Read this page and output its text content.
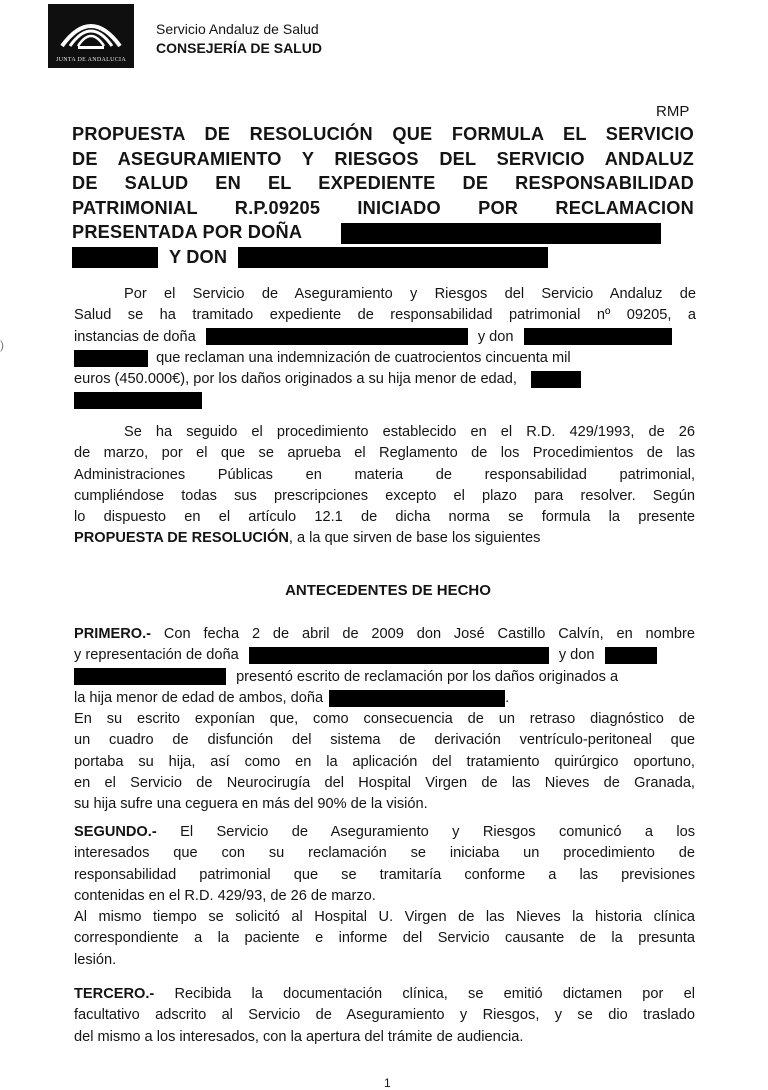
JUNTA DE ANDALUCIA
Servicio Andaluz de Salud
CONSEJERÍA DE SALUD
)
RMP
PROPUESTA DE RESOLUCIÓN QUE FORMULA EL SERVICIO
DE ASEGURAMIENTO Y RIESGOS DEL SERVICIO ANDALUZ
DE SALUD EN EL EXPEDIENTE DE RESPONSABILIDAD
PATRIMONIAL R.P.09205 INICIADO POR RECLAMACION
PRESENTADA POR DOÑA
Y DON
Por el Servicio de Aseguramiento y Riesgos del Servicio Andaluz de
Salud se ha tramitado expediente de responsabilidad patrimonial nº 09205, a
instancias de doña	y don
que reclaman una indemnización de cuatrocientos cincuenta mil
euros (450.000€), por los daños originados a su hija menor de edad,
Se ha seguido el procedimiento establecido en el R.D. 429/1993, de 26
de marzo, por el que se aprueba el Reglamento de los Procedimientos de las
Administraciones Públicas en materia de responsabilidad patrimonial,
cumpliéndose todas sus prescripciones excepto el plazo para resolver. Según
lo dispuesto en el artículo 12.1 de dicha norma se formula la presente
PROPUESTA DE RESOLUCIÓN, a la que sirven de base los siguientes
ANTECEDENTES DE HECHO
PRIMERO.- Con fecha 2 de abril de 2009 don José Castillo Calvín, en nombre
y representación de doña	y don
presentó escrito de reclamación por los daños originados a
la hija menor de edad de ambos, doña	.
En su escrito exponían que, como consecuencia de un retraso diagnóstico de
un cuadro de disfunción del sistema de derivación ventrículo-peritoneal que
portaba su hija, así como en la aplicación del tratamiento quirúrgico oportuno,
en el Servicio de Neurocirugía del Hospital Virgen de las Nieves de Granada,
su hija sufre una ceguera en más del 90% de la visión.
SEGUNDO.- El Servicio de Aseguramiento y Riesgos comunicó a los
interesados que con su reclamación se iniciaba un procedimiento de
responsabilidad patrimonial que se tramitaría conforme a las previsiones
contenidas en el R.D. 429/93, de 26 de marzo.
Al mismo tiempo se solicitó al Hospital U. Virgen de las Nieves la historia clínica
correspondiente a la paciente e informe del Servicio causante de la presunta
lesión.
TERCERO.- Recibida la documentación clínica, se emitió dictamen por el
facultativo adscrito al Servicio de Aseguramiento y Riesgos, y se dio traslado
del mismo a los interesados, con la apertura del trámite de audiencia.
1
